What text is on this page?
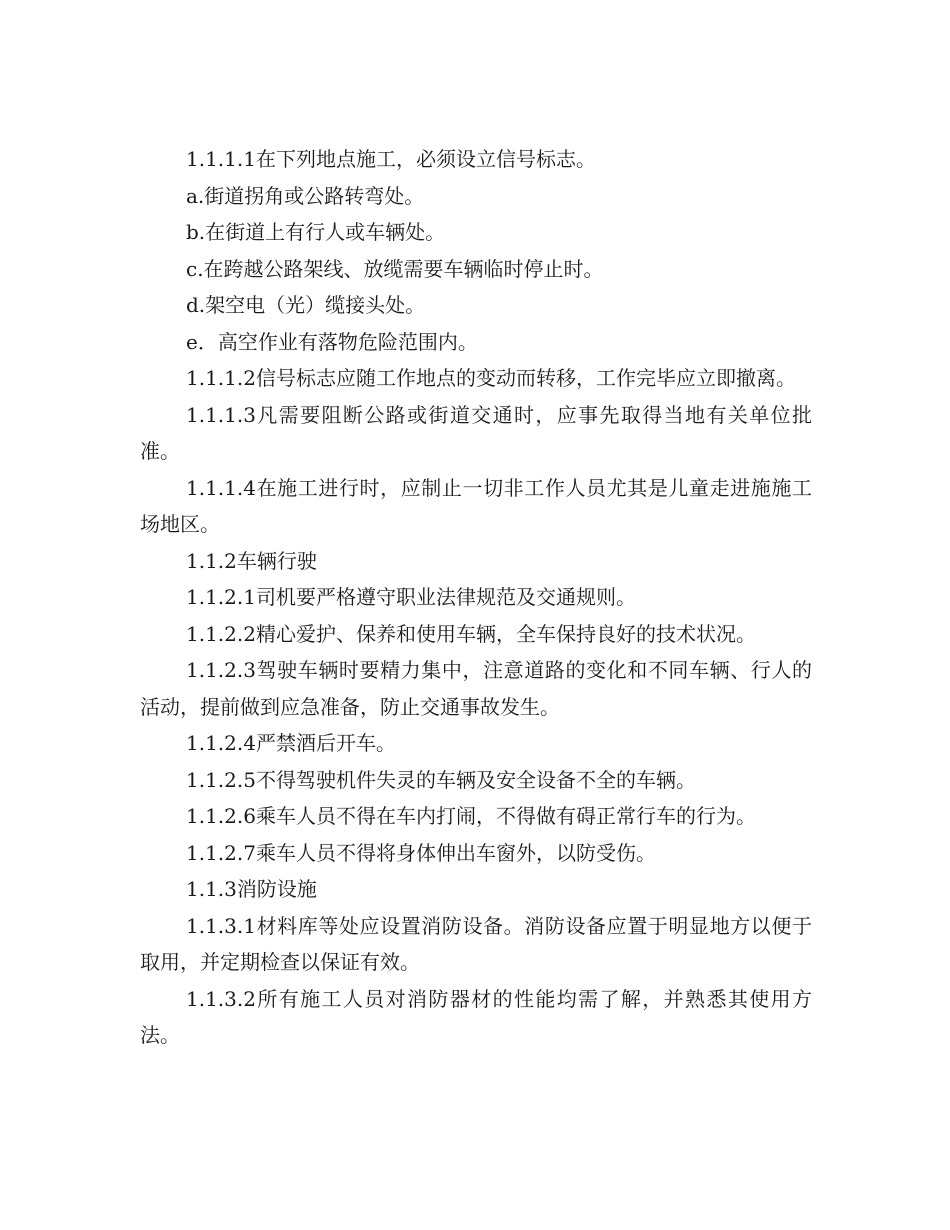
1.1.1.1在下列地点施工，必须设立信号标志。

a.街道拐角或公路转弯处。

b.在街道上有行人或车辆处。

c.在跨越公路架线、放缆需要车辆临时停止时。

d.架空电（光）缆接头处。

e．高空作业有落物危险范围内。

1.1.1.2信号标志应随工作地点的变动而转移，工作完毕应立即撤离。

1.1.1.3凡需要阻断公路或街道交通时，应事先取得当地有关单位批准。

1.1.1.4在施工进行时，应制止一切非工作人员尤其是儿童走进施施工场地区。

1.1.2车辆行驶

1.1.2.1司机要严格遵守职业法律规范及交通规则。

1.1.2.2精心爱护、保养和使用车辆，全车保持良好的技术状况。

1.1.2.3驾驶车辆时要精力集中，注意道路的变化和不同车辆、行人的活动，提前做到应急准备，防止交通事故发生。

1.1.2.4严禁酒后开车。

1.1.2.5不得驾驶机件失灵的车辆及安全设备不全的车辆。

1.1.2.6乘车人员不得在车内打闹，不得做有碍正常行车的行为。

1.1.2.7乘车人员不得将身体伸出车窗外，以防受伤。

1.1.3消防设施

1.1.3.1材料库等处应设置消防设备。消防设备应置于明显地方以便于取用，并定期检查以保证有效。

1.1.3.2所有施工人员对消防器材的性能均需了解，并熟悉其使用方法。
